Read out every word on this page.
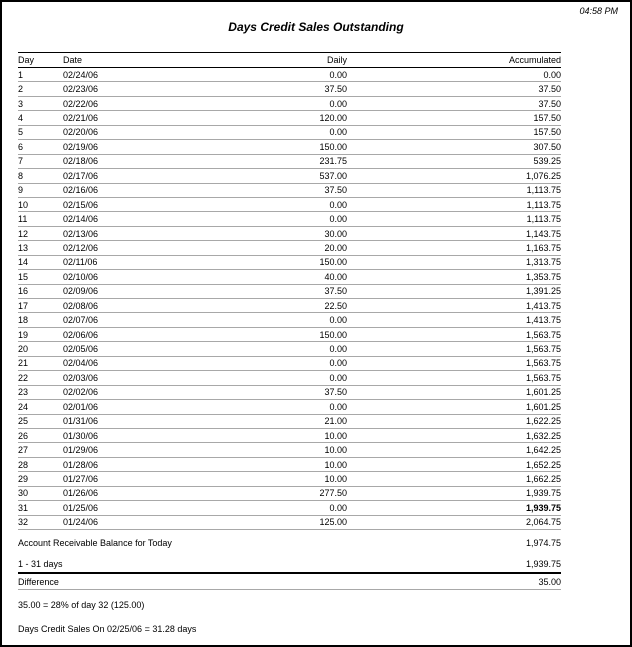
04:58 PM
Days Credit Sales Outstanding
Day	Date	Daily	Accumulated
1	02/24/06	0.00	0.00
2	02/23/06	37.50	37.50
3	02/22/06	0.00	37.50
4	02/21/06	120.00	157.50
5	02/20/06	0.00	157.50
6	02/19/06	150.00	307.50
7	02/18/06	231.75	539.25
8	02/17/06	537.00	1,076.25
9	02/16/06	37.50	1,113.75
10	02/15/06	0.00	1,113.75
11	02/14/06	0.00	1,113.75
12	02/13/06	30.00	1,143.75
13	02/12/06	20.00	1,163.75
14	02/11/06	150.00	1,313.75
15	02/10/06	40.00	1,353.75
16	02/09/06	37.50	1,391.25
17	02/08/06	22.50	1,413.75
18	02/07/06	0.00	1,413.75
19	02/06/06	150.00	1,563.75
20	02/05/06	0.00	1,563.75
21	02/04/06	0.00	1,563.75
22	02/03/06	0.00	1,563.75
23	02/02/06	37.50	1,601.25
24	02/01/06	0.00	1,601.25
25	01/31/06	21.00	1,622.25
26	01/30/06	10.00	1,632.25
27	01/29/06	10.00	1,642.25
28	01/28/06	10.00	1,652.25
29	01/27/06	10.00	1,662.25
30	01/26/06	277.50	1,939.75
31	01/25/06	0.00	1,939.75
32	01/24/06	125.00	2,064.75
Account Receivable Balance for Today	1,974.75
1 - 31 days	1,939.75
Difference	35.00
35.00 = 28% of day 32 (125.00)
Days Credit Sales On 02/25/06 = 31.28 days
